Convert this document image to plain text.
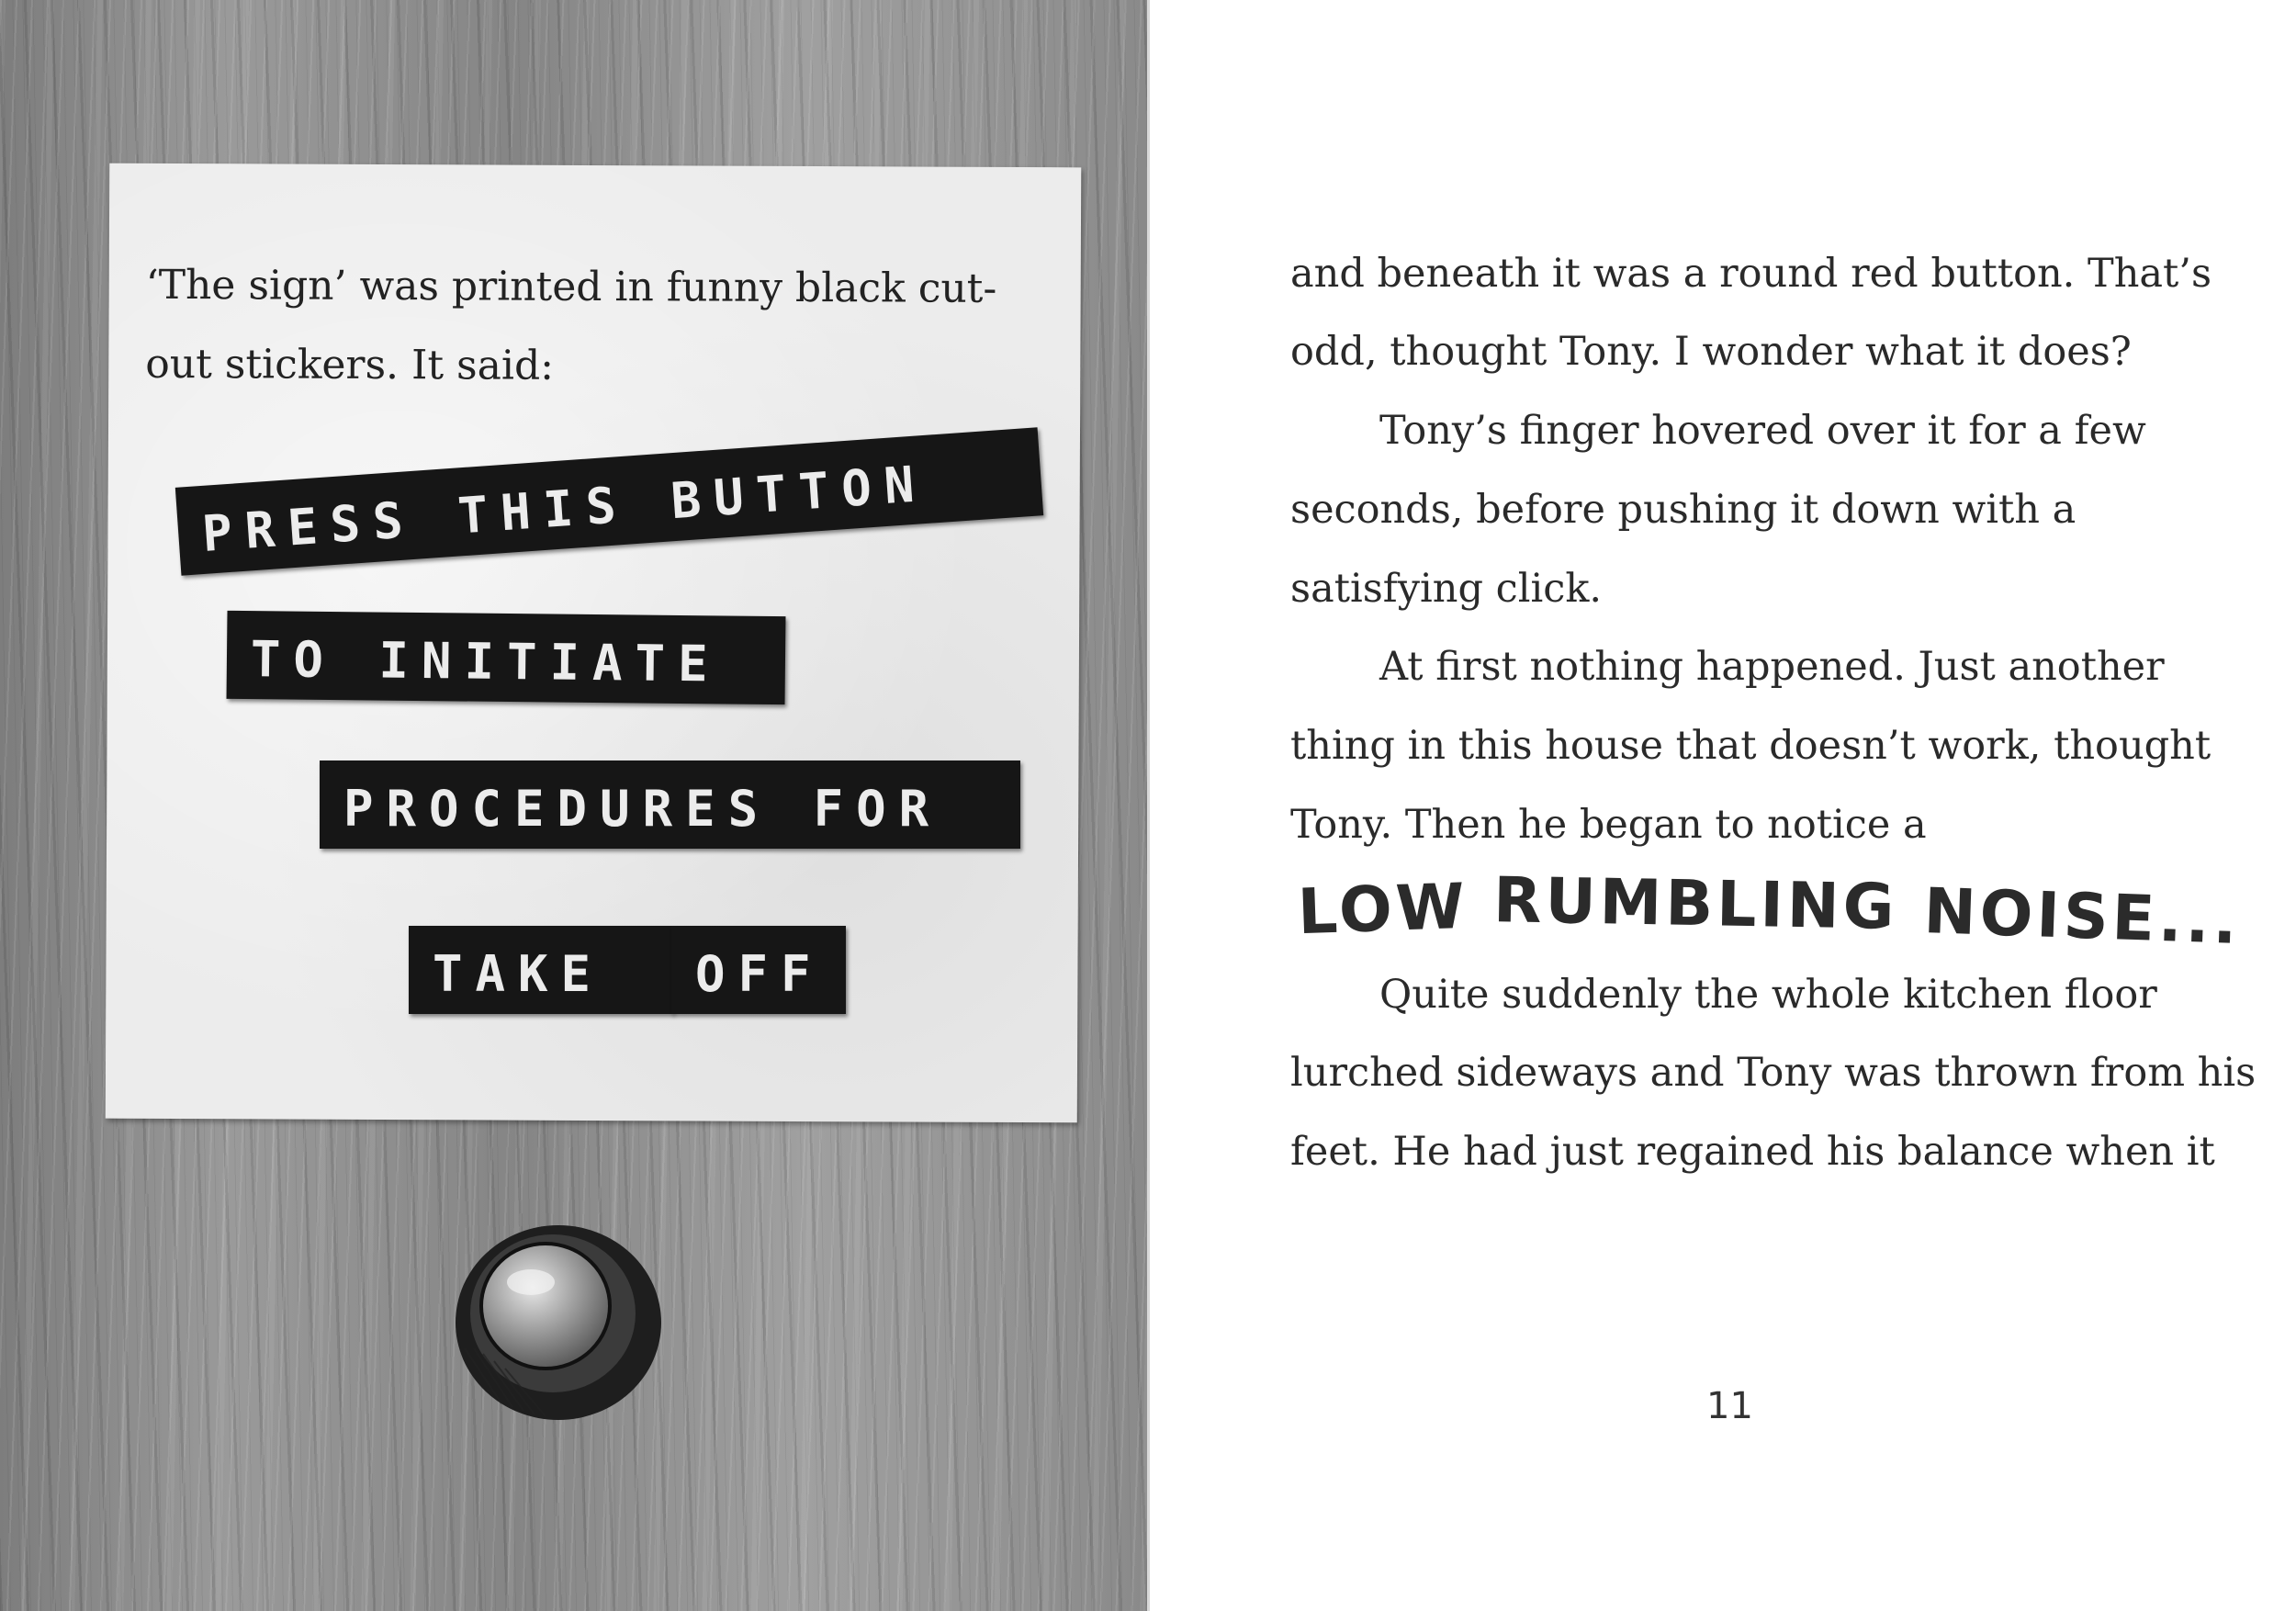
‘The sign’ was printed in funny black cut-out stickers. It said:

PRESS THIS BUTTON
TO INITIATE
PROCEDURES FOR
TAKE	OFF
and beneath it was a round red button. That’s
odd, thought Tony. I wonder what it does?
Tony’s finger hovered over it for a few
seconds, before pushing it down with a
satisfying click.
At first nothing happened. Just another
thing in this house that doesn’t work, thought
Tony. Then he began to notice a
LOW RUMBLING NOISE...
Quite suddenly the whole kitchen floor
lurched sideways and Tony was thrown from his
feet. He had just regained his balance when it
11
